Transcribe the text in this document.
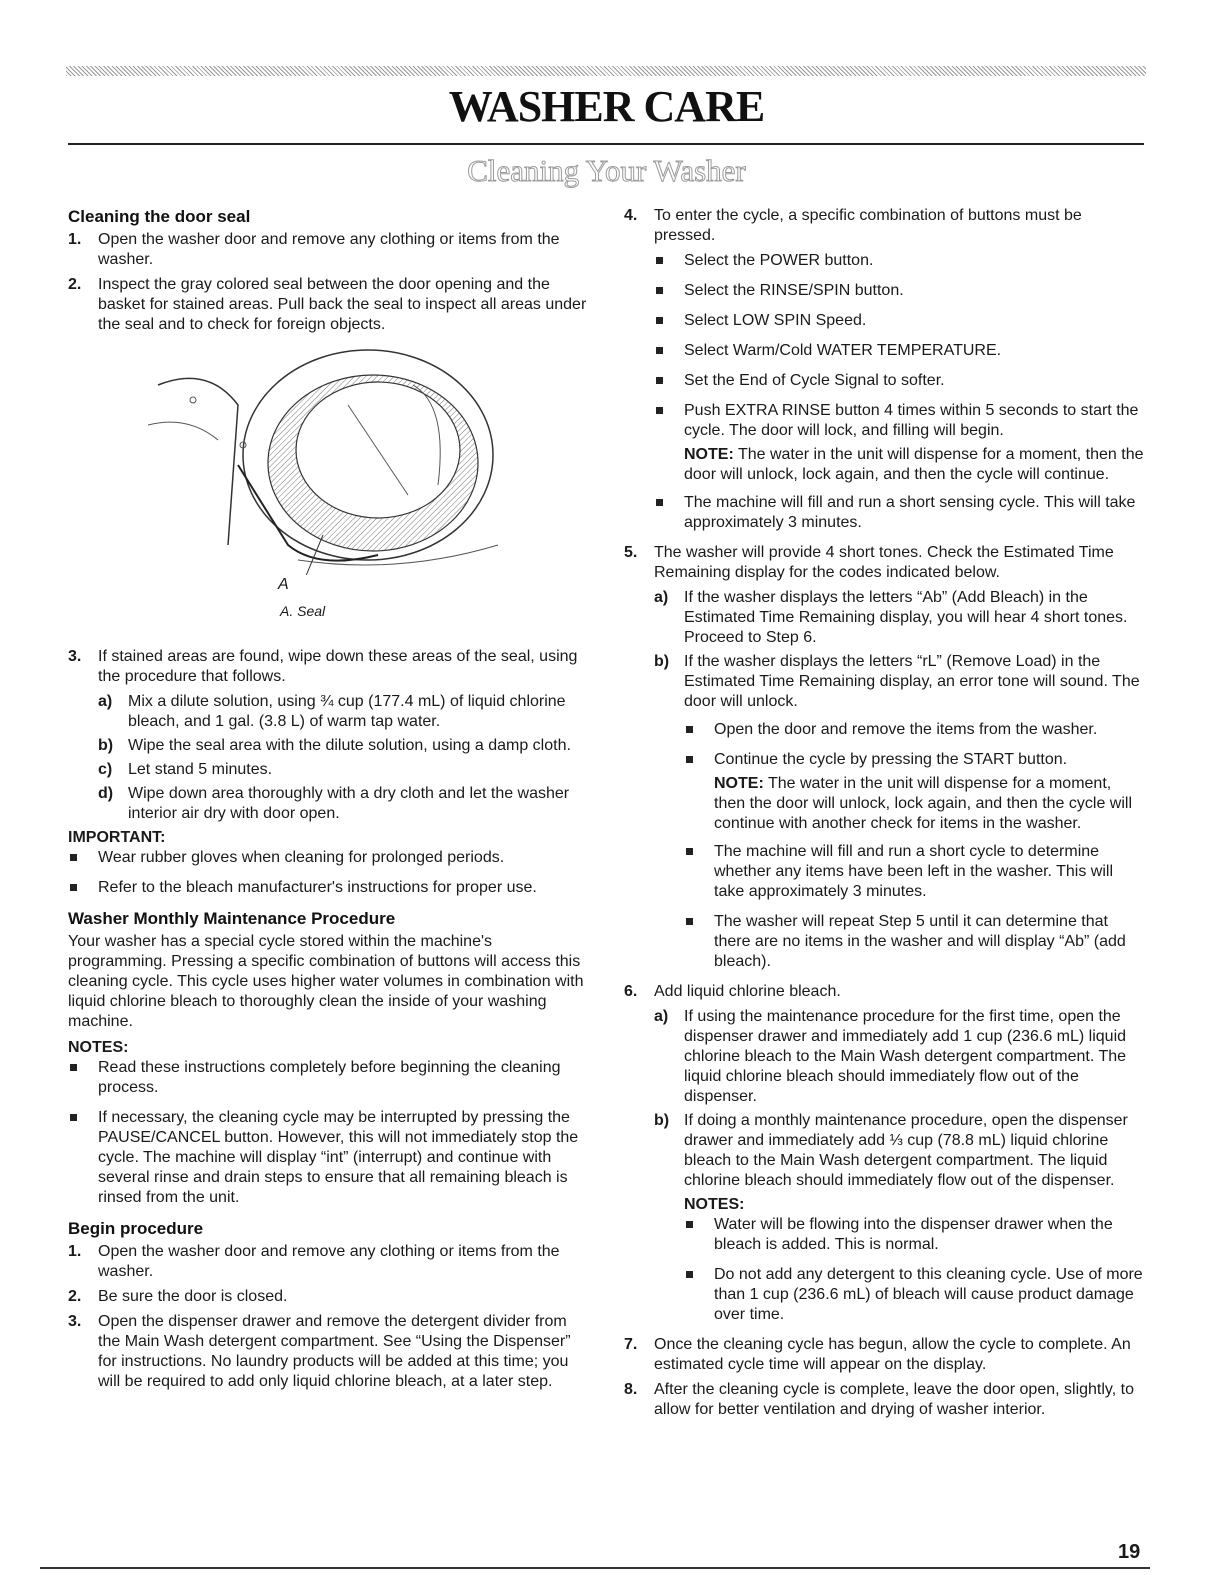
WASHER CARE
Cleaning Your Washer
Cleaning the door seal
1.	Open the washer door and remove any clothing or items from the washer.
2.	Inspect the gray colored seal between the door opening and the basket for stained areas. Pull back the seal to inspect all areas under the seal and to check for foreign objects.
A
A. Seal
3.	If stained areas are found, wipe down these areas of the seal, using the procedure that follows.
a) Mix a dilute solution, using ¾ cup (177.4 mL) of liquid chlorine bleach, and 1 gal. (3.8 L) of warm tap water.
b) Wipe the seal area with the dilute solution, using a damp cloth.
c) Let stand 5 minutes.
d) Wipe down area thoroughly with a dry cloth and let the washer interior air dry with door open.

IMPORTANT:

Wear rubber gloves when cleaning for prolonged periods.
Refer to the bleach manufacturer's instructions for proper use.
Washer Monthly Maintenance Procedure

Your washer has a special cycle stored within the machine's programming. Pressing a specific combination of buttons will access this cleaning cycle. This cycle uses higher water volumes in combination with liquid chlorine bleach to thoroughly clean the inside of your washing machine.

NOTES:

Read these instructions completely before beginning the cleaning process.
If necessary, the cleaning cycle may be interrupted by pressing the PAUSE/CANCEL button. However, this will not immediately stop the cycle. The machine will display “int” (interrupt) and continue with several rinse and drain steps to ensure that all remaining bleach is rinsed from the unit.
Begin procedure
1.	Open the washer door and remove any clothing or items from the washer.
2.	Be sure the door is closed.
3.	Open the dispenser drawer and remove the detergent divider from the Main Wash detergent compartment. See “Using the Dispenser” for instructions. No laundry products will be added at this time; you will be required to add only liquid chlorine bleach, at a later step.
4.	To enter the cycle, a specific combination of buttons must be pressed.
Select the POWER button.
Select the RINSE/SPIN button.
Select LOW SPIN Speed.
Select Warm/Cold WATER TEMPERATURE.
Set the End of Cycle Signal to softer.
Push EXTRA RINSE button 4 times within 5 seconds to start the cycle. The door will lock, and filling will begin.
NOTE: The water in the unit will dispense for a moment, then the door will unlock, lock again, and then the cycle will continue.
The machine will fill and run a short sensing cycle. This will take approximately 3 minutes.
5.	The washer will provide 4 short tones. Check the Estimated Time Remaining display for the codes indicated below.
a) If the washer displays the letters “Ab” (Add Bleach) in the Estimated Time Remaining display, you will hear 4 short tones. Proceed to Step 6.
b) If the washer displays the letters “rL” (Remove Load) in the Estimated Time Remaining display, an error tone will sound. The door will unlock.
Open the door and remove the items from the washer.
Continue the cycle by pressing the START button.
NOTE: The water in the unit will dispense for a moment, then the door will unlock, lock again, and then the cycle will continue with another check for items in the washer.
The machine will fill and run a short cycle to determine whether any items have been left in the washer. This will take approximately 3 minutes.
The washer will repeat Step 5 until it can determine that there are no items in the washer and will display “Ab” (add bleach).
6.	Add liquid chlorine bleach.
a) If using the maintenance procedure for the first time, open the dispenser drawer and immediately add 1 cup (236.6 mL) liquid chlorine bleach to the Main Wash detergent compartment. The liquid chlorine bleach should immediately flow out of the dispenser.
b) If doing a monthly maintenance procedure, open the dispenser drawer and immediately add ⅓ cup (78.8 mL) liquid chlorine bleach to the Main Wash detergent compartment. The liquid chlorine bleach should immediately flow out of the dispenser.

NOTES:

Water will be flowing into the dispenser drawer when the bleach is added. This is normal.
Do not add any detergent to this cleaning cycle. Use of more than 1 cup (236.6 mL) of bleach will cause product damage over time.
7.	Once the cleaning cycle has begun, allow the cycle to complete. An estimated cycle time will appear on the display.
8.	After the cleaning cycle is complete, leave the door open, slightly, to allow for better ventilation and drying of washer interior.
19
